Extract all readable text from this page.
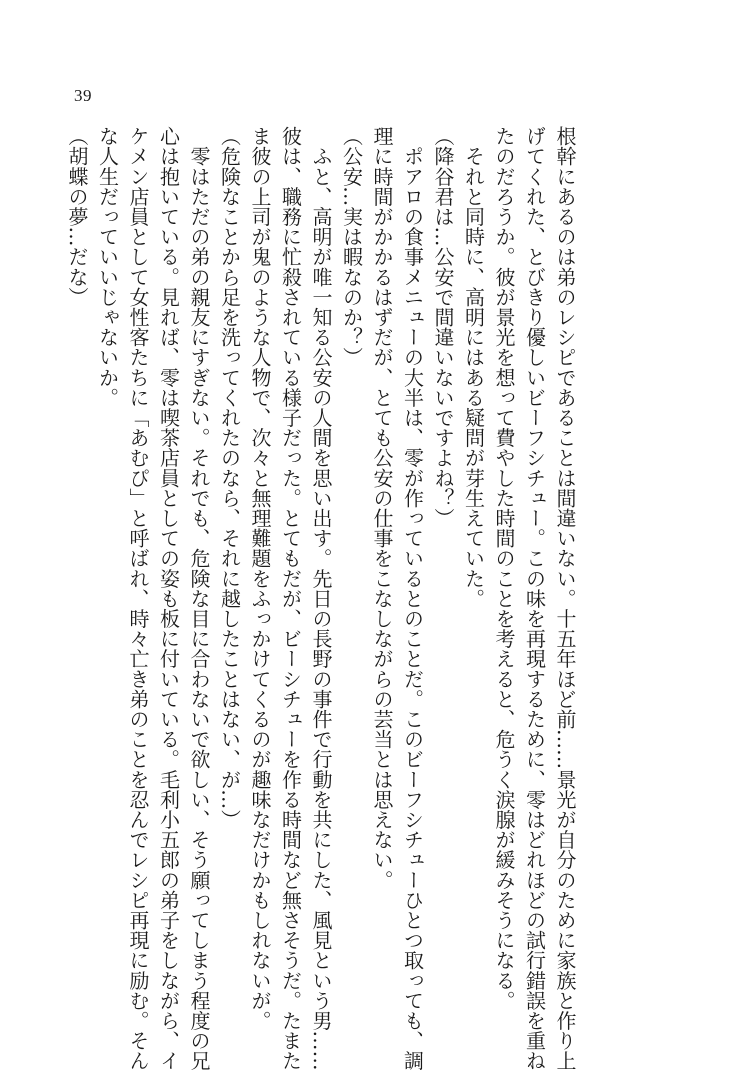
39
根幹にあるのは弟のレシピであることは間違いない。十五年ほど前……景光が自分のために家族と作り上
げてくれた、とびきり優しいビーフシチュー。この味を再現するために、零はどれほどの試行錯誤を重ね
たのだろうか。彼が景光を想って費やした時間のことを考えると、危うく涙腺が緩みそうになる。
　それと同時に、高明にはある疑問が芽生えていた。
（降谷君は…公安で間違いないですよね？）
　ポアロの食事メニューの大半は、零が作っているとのことだ。このビーフシチューひとつ取っても、調
理に時間がかかるはずだが、とても公安の仕事をこなしながらの芸当とは思えない。
（公安…実は暇なのか？）
　ふと、高明が唯一知る公安の人間を思い出す。先日の長野の事件で行動を共にした、風見という男……
彼は、職務に忙殺されている様子だった。とてもだが、ビーシチューを作る時間など無さそうだ。たまた
ま彼の上司が鬼のような人物で、次々と無理難題をふっかけてくるのが趣味なだけかもしれないが。
（危険なことから足を洗ってくれたのなら、それに越したことはない、が…）
　零はただの弟の親友にすぎない。それでも、危険な目に合わないで欲しい、そう願ってしまう程度の兄
心は抱いている。見れば、零は喫茶店員としての姿も板に付いている。毛利小五郎の弟子をしながら、イ
ケメン店員として女性客たちに「あむぴ」と呼ばれ、時々亡き弟のことを忍んでレシピ再現に励む。そん
な人生だっていいじゃないか。
（胡蝶の夢…だな）
